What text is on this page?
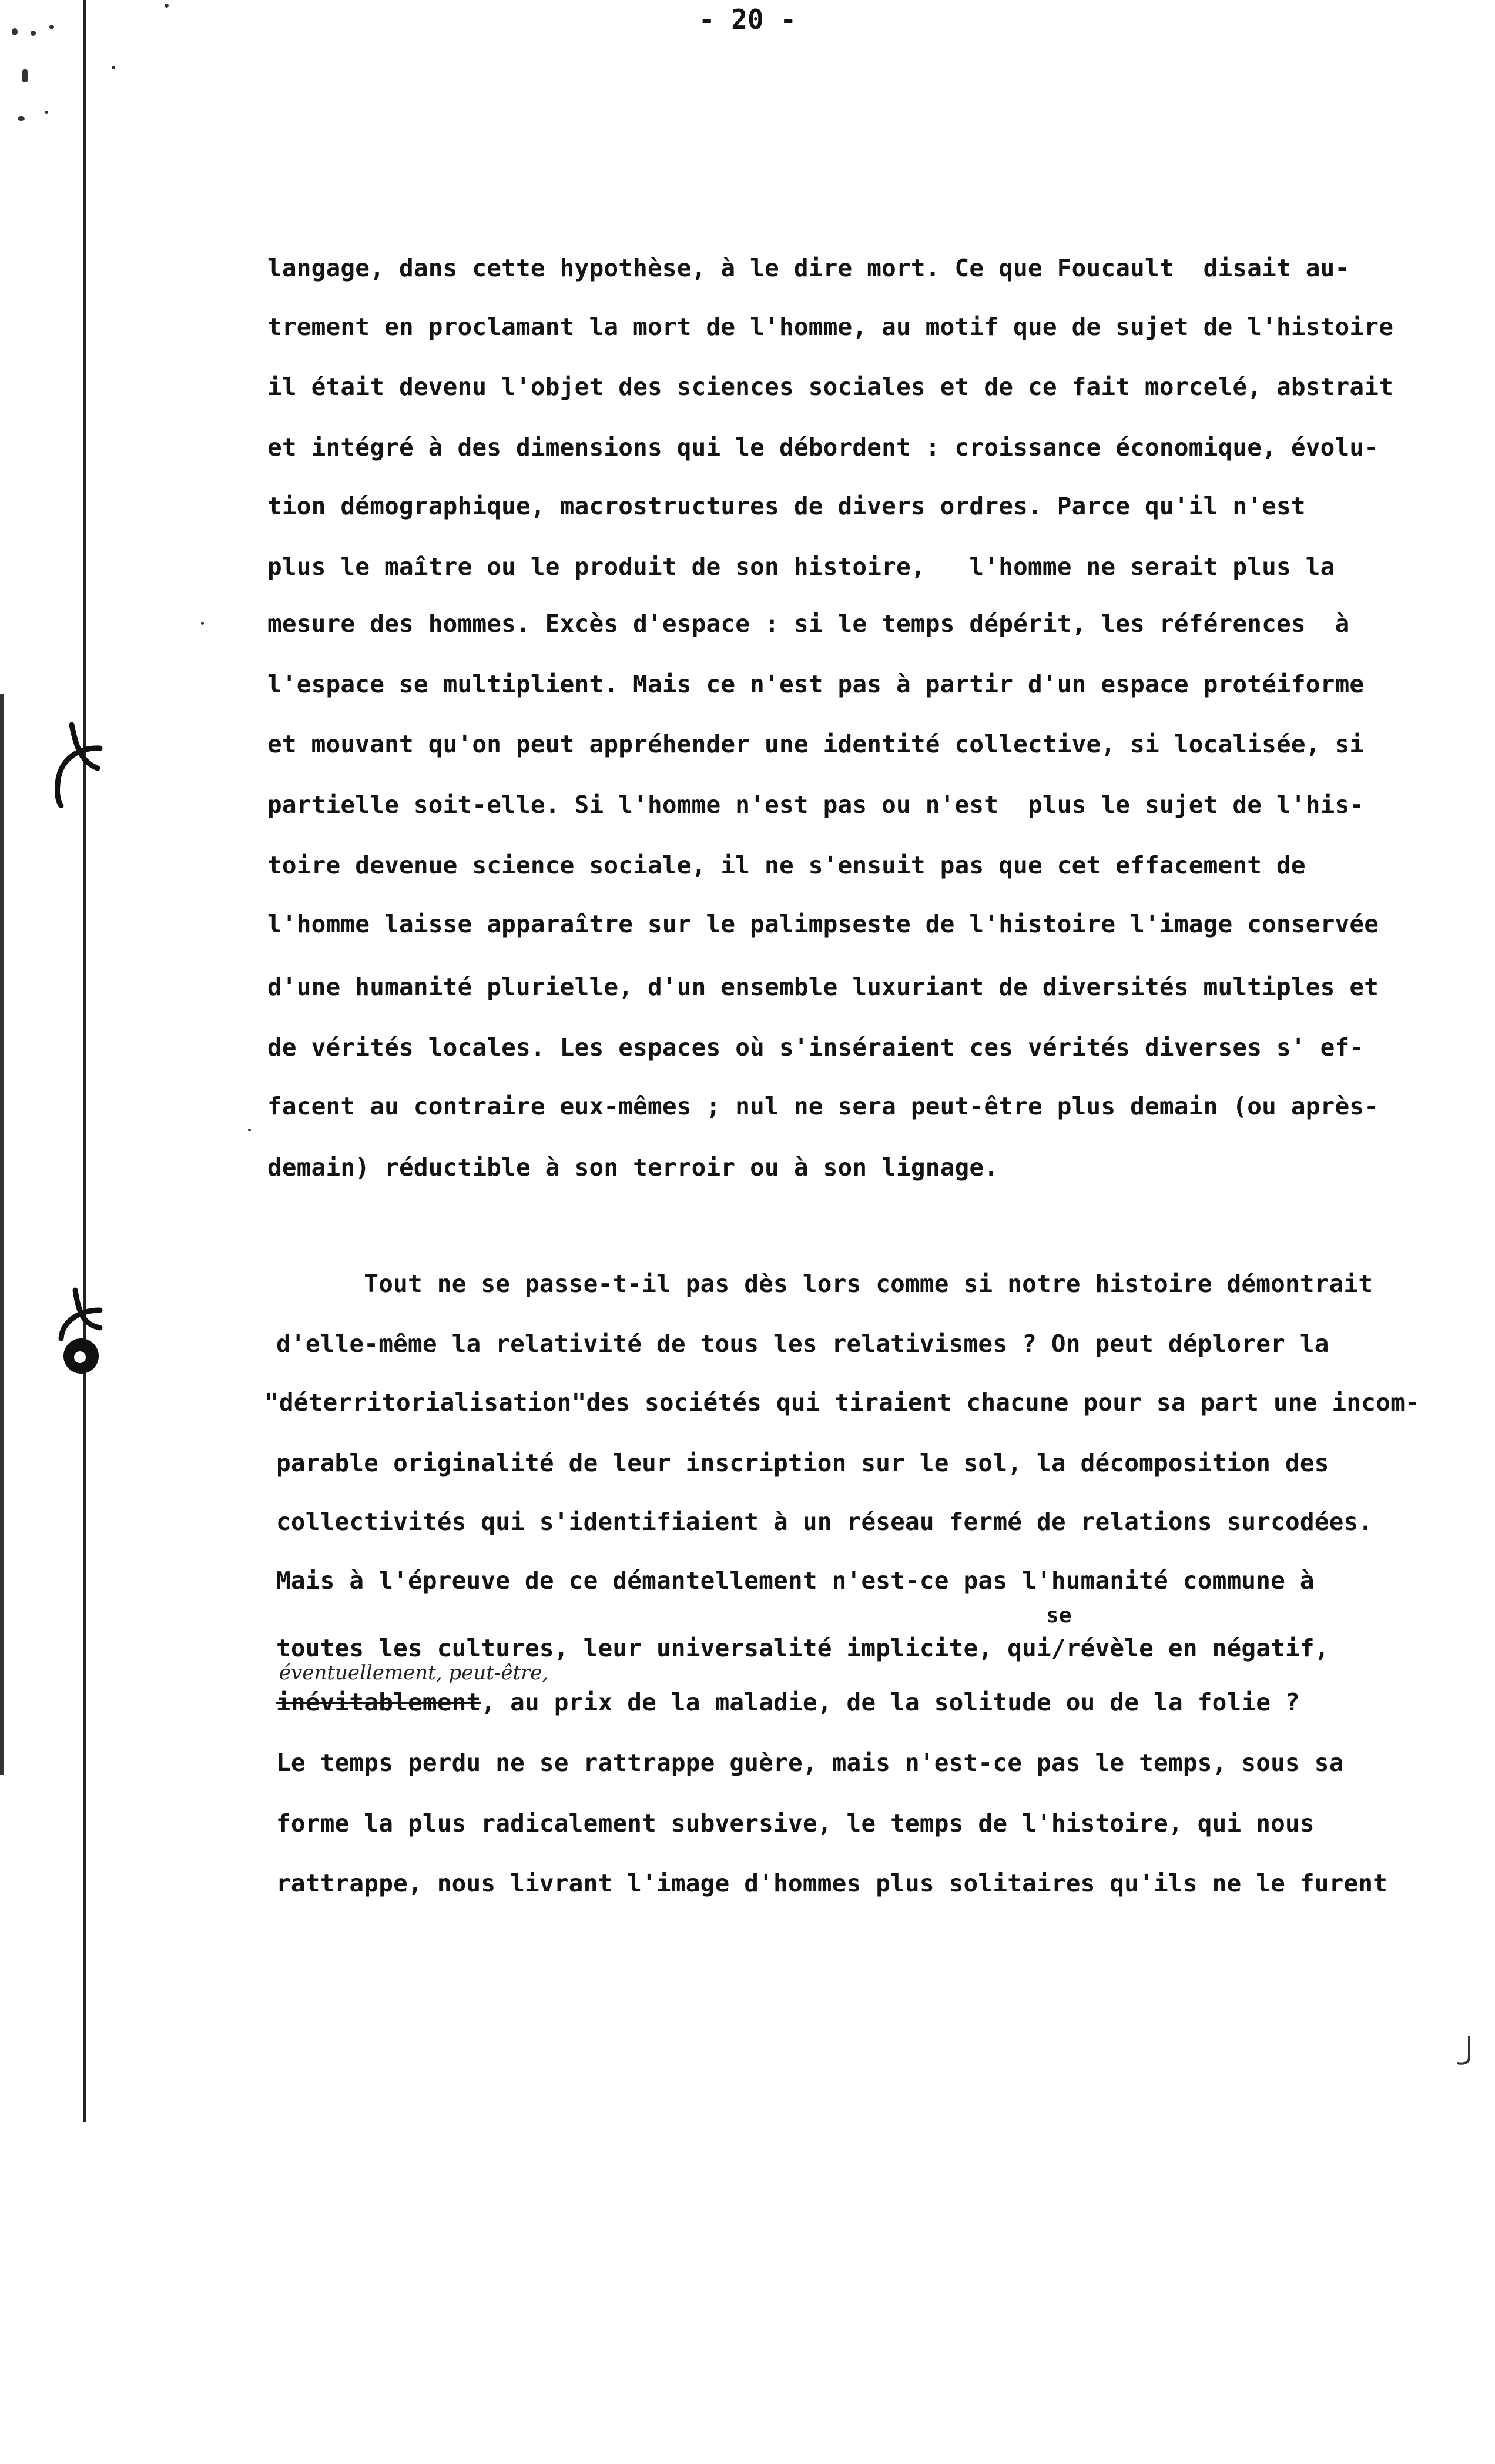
- 20 -
langage, dans cette hypothèse, à le dire mort. Ce que Foucault  disait au-
trement en proclamant la mort de l'homme, au motif que de sujet de l'histoire
il était devenu l'objet des sciences sociales et de ce fait morcelé, abstrait
et intégré à des dimensions qui le débordent : croissance économique, évolu-
tion démographique, macrostructures de divers ordres. Parce qu'il n'est
plus le maître ou le produit de son histoire,   l'homme ne serait plus la
mesure des hommes. Excès d'espace : si le temps dépérit, les références  à
l'espace se multiplient. Mais ce n'est pas à partir d'un espace protéiforme
et mouvant qu'on peut appréhender une identité collective, si localisée, si
partielle soit-elle. Si l'homme n'est pas ou n'est  plus le sujet de l'his-
toire devenue science sociale, il ne s'ensuit pas que cet effacement de
l'homme laisse apparaître sur le palimpseste de l'histoire l'image conservée
d'une humanité plurielle, d'un ensemble luxuriant de diversités multiples et
de vérités locales. Les espaces où s'inséraient ces vérités diverses s' ef-
facent au contraire eux-mêmes ; nul ne sera peut-être plus demain (ou après-
demain) réductible à son terroir ou à son lignage.
Tout ne se passe-t-il pas dès lors comme si notre histoire démontrait
d'elle-même la relativité de tous les relativismes ? On peut déplorer la
"déterritorialisation"des sociétés qui tiraient chacune pour sa part une incom-
parable originalité de leur inscription sur le sol, la décomposition des
collectivités qui s'identifiaient à un réseau fermé de relations surcodées.
Mais à l'épreuve de ce démantellement n'est-ce pas l'humanité commune à
se
toutes les cultures, leur universalité implicite, qui/révèle en négatif,
éventuellement, peut-être,
inévitablement, au prix de la maladie, de la solitude ou de la folie ?
Le temps perdu ne se rattrappe guère, mais n'est-ce pas le temps, sous sa
forme la plus radicalement subversive, le temps de l'histoire, qui nous
rattrappe, nous livrant l'image d'hommes plus solitaires qu'ils ne le furent
